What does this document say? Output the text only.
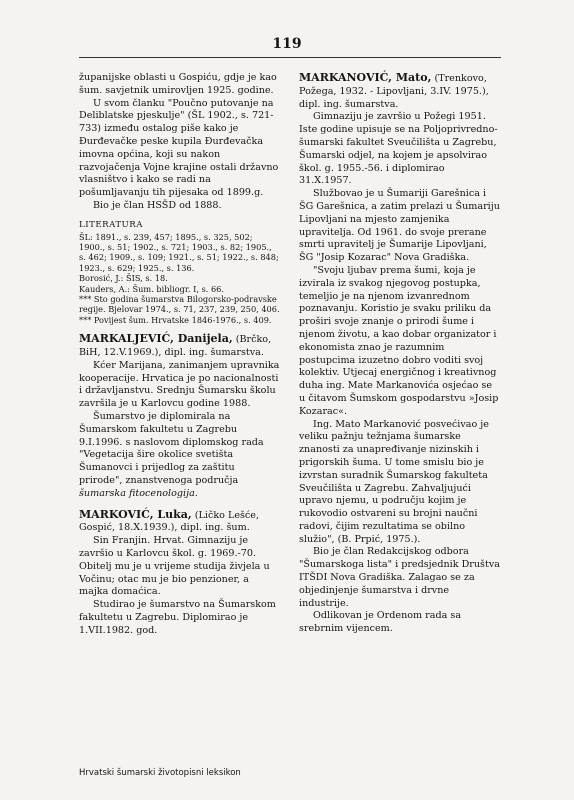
119

županijske oblasti u Gospiću, gdje je kao šum. savjetnik umirovljen 1925. godine.

U svom članku "Poučno putovanje na Deliblatske pjeskulje" (ŠL 1902., s. 721-733) između ostalog piše kako je Đurđevačke peske kupila Đurđevačka imovna općina, koji su nakon razvojačenja Vojne krajine ostali državno vlasništvo i kako se radi na pošumljavanju tih pijesaka od 1899.g.

Bio je član HSŠD od 1888.

LITERATURA

ŠL: 1891., s. 239, 457; 1895., s. 325, 502; 1900., s. 51; 1902., s. 721; 1903., s. 82; 1905., s. 462; 1909., s. 109; 1921., s. 51; 1922., s. 848; 1923., s. 629; 1925., s. 136.

Borosić, J.: ŠIS, s. 18.

Kauders, A.: Šum. bibliogr. I, s. 66.

*** Sto godina šumarstva Bilogorsko-podravske regije. Bjelovar 1974., s. 71, 237, 239, 250, 406.

*** Povijest šum. Hrvatske 1846-1976., s. 409.

MARKALJEVIĆ, Danijela, (Brčko, BiH, 12.V.1969.), dipl. ing. šumarstva.

Kćer Marijana, zanimanjem upravnika kooperacije. Hrvatica je po nacionalnosti i državljanstvu. Srednju Šumarsku školu završila je u Karlovcu godine 1988.

Šumarstvo je diplomirala na Šumarskom fakultetu u Zagrebu 9.I.1996. s naslovom diplomskog rada "Vegetacija šire okolice svetišta Šumanovci i prijedlog za zaštitu prirode", znanstvenoga područja šumarska fitocenologija.

MARKOVIĆ, Luka, (Ličko Lešće, Gospić, 18.X.1939.), dipl. ing. šum.

Sin Franjin. Hrvat. Gimnaziju je završio u Karlovcu škol. g. 1969.-70. Obitelj mu je u vrijeme studija živjela u Vočinu; otac mu je bio penzioner, a majka domaćica.

Studirao je šumarstvo na Šumarskom fakultetu u Zagrebu. Diplomirao je 1.VII.1982. god.

MARKANOVIĆ, Mato, (Trenkovo, Požega, 1932. - Lipovljani, 3.IV. 1975.), dipl. ing. šumarstva.

Gimnaziju je završio u Požegi 1951. Iste godine upisuje se na Poljoprivredno-šumarski fakultet Sveučilišta u Zagrebu, Šumarski odjel, na kojem je apsolvirao škol. g. 1955.-56. i diplomirao 31.X.1957.

Službovao je u Šumariji Garešnica i ŠG Garešnica, a zatim prelazi u Šumariju Lipovljani na mjesto zamjenika upravitelja. Od 1961. do svoje prerane smrti upravitelj je Šumarije Lipovljani, ŠG "Josip Kozarac" Nova Gradiška.

"Svoju ljubav prema šumi, koja je izvirala iz svakog njegovog postupka, temeljio je na njenom izvanrednom poznavanju. Koristio je svaku priliku da proširi svoje znanje o prirodi šume i njenom životu, a kao dobar organizator i ekonomista znao je razumnim postupcima izuzetno dobro voditi svoj kolektiv. Utjecaj energičnog i kreativnog duha ing. Mate Markanovića osjećao se u čitavom Šumskom gospodarstvu »Josip Kozarac«.

Ing. Mato Markanović posvećivao je veliku pažnju težnjama šumarske znanosti za unapređivanje nizinskih i prigorskih šuma. U tome smislu bio je izvrstan suradnik Šumarskog fakulteta Sveučilišta u Zagrebu. Zahvaljujući upravo njemu, u području kojim je rukovodio ostvareni su brojni naučni radovi, čijim rezultatima se obilno služio", (B. Prpić, 1975.).

Bio je član Redakcijskog odbora "Šumarskoga lista" i predsjednik Društva ITŠDI Nova Gradiška. Zalagao se za objedinjenje šumarstva i drvne industrije.

Odlikovan je Ordenom rada sa srebrnim vijencem.

Hrvatski šumarski životopisni leksikon
